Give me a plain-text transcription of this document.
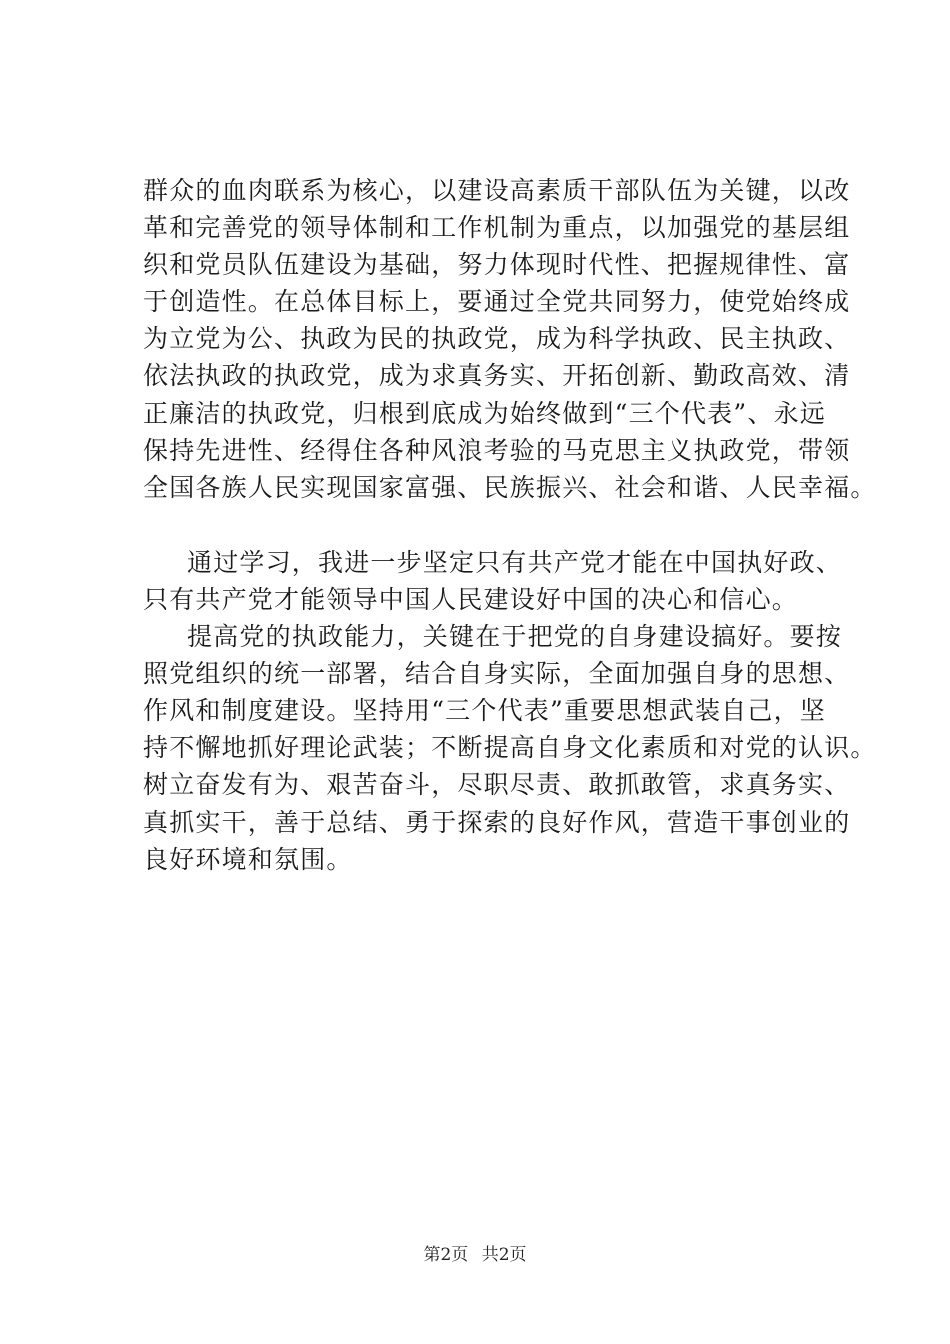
群众的血肉联系为核心，以建设高素质干部队伍为关键，以改
革和完善党的领导体制和工作机制为重点，以加强党的基层组
织和党员队伍建设为基础，努力体现时代性、把握规律性、富
于创造性。在总体目标上，要通过全党共同努力，使党始终成
为立党为公、执政为民的执政党，成为科学执政、民主执政、
依法执政的执政党，成为求真务实、开拓创新、勤政高效、清
正廉洁的执政党，归根到底成为始终做到“三个代表”、永远
保持先进性、经得住各种风浪考验的马克思主义执政党，带领
全国各族人民实现国家富强、民族振兴、社会和谐、人民幸福。
通过学习，我进一步坚定只有共产党才能在中国执好政、
只有共产党才能领导中国人民建设好中国的决心和信心。
提高党的执政能力，关键在于把党的自身建设搞好。要按
照党组织的统一部署，结合自身实际，全面加强自身的思想、
作风和制度建设。坚持用“三个代表”重要思想武装自己，坚
持不懈地抓好理论武装；不断提高自身文化素质和对党的认识。
树立奋发有为、艰苦奋斗，尽职尽责、敢抓敢管，求真务实、
真抓实干，善于总结、勇于探索的良好作风，营造干事创业的
良好环境和氛围。
第2页 共2页
